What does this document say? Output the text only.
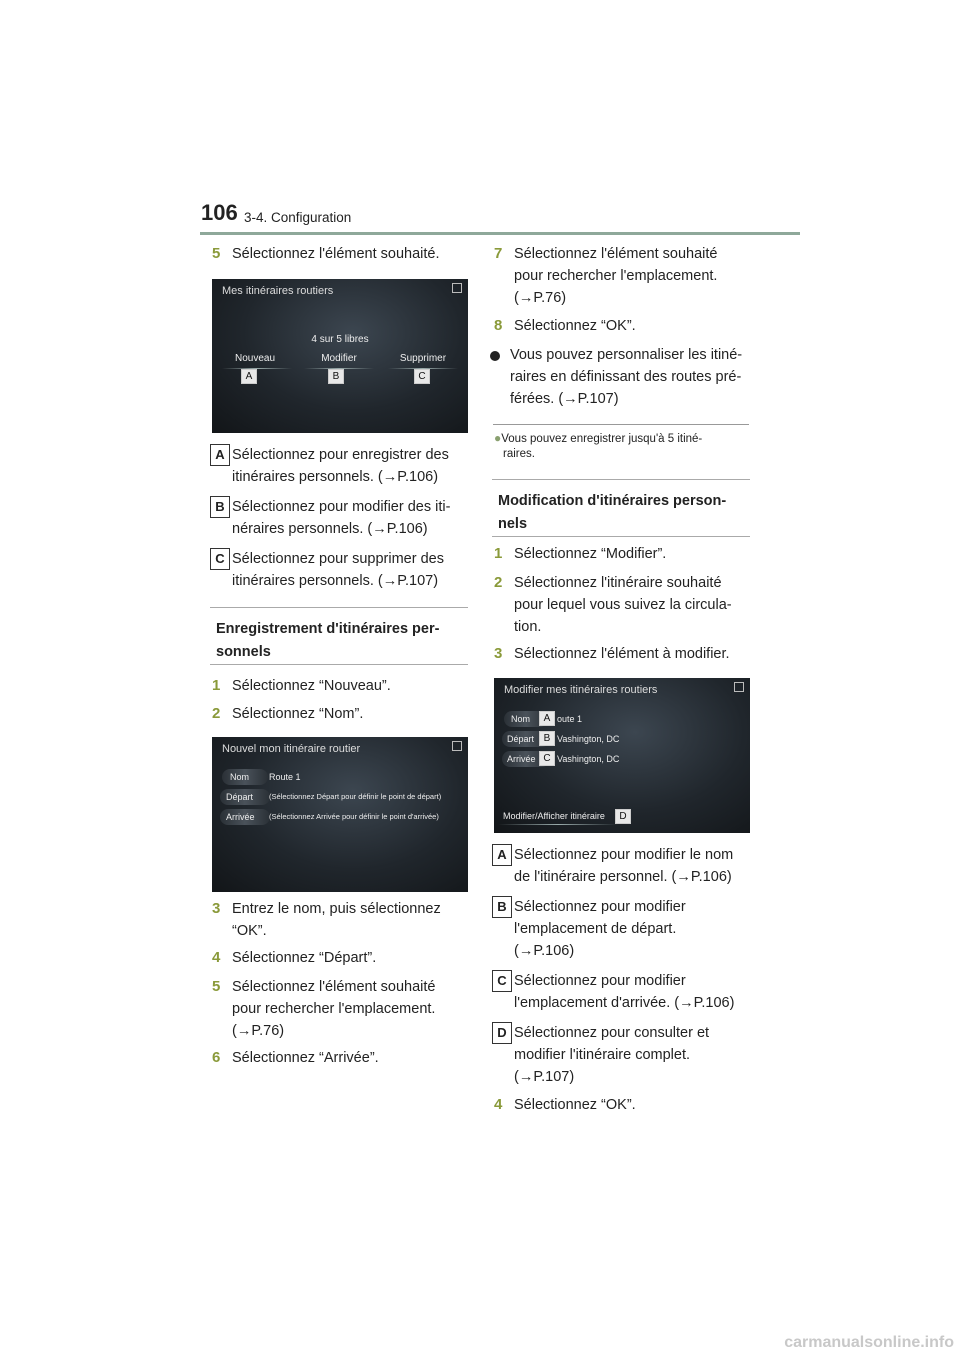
106 3-4. Configuration
5 Sélectionnez l'élément souhaité.
Mes itinéraires routiers
4 sur 5 libres
Nouveau	Modifier	Supprimer
A	B	C
A Sélectionnez pour enregistrer des
itinéraires personnels. (→P.106)
B Sélectionnez pour modifier des iti-
néraires personnels. (→P.106)
C Sélectionnez pour supprimer des
itinéraires personnels. (→P.107)
Enregistrement d'itinéraires per-
sonnels
1 Sélectionnez “Nouveau”.
2 Sélectionnez “Nom”.
Nouvel mon itinéraire routier
Nom Route 1
Départ (Sélectionnez Départ pour définir le point de départ)
Arrivée (Sélectionnez Arrivée pour définir le point d'arrivée)
3 Entrez le nom, puis sélectionnez
“OK”.
4 Sélectionnez “Départ”.
5 Sélectionnez l'élément souhaité
pour rechercher l'emplacement.
(→P.76)
6 Sélectionnez “Arrivée”.
7 Sélectionnez l'élément souhaité
pour rechercher l'emplacement.
(→P.76)
8 Sélectionnez “OK”.
Vous pouvez personnaliser les itiné-
raires en définissant des routes pré-
férées. (→P.107)
●Vous pouvez enregistrer jusqu'à 5 itiné-
raires.
Modification d'itinéraires person-
nels
1 Sélectionnez “Modifier”.
2 Sélectionnez l'itinéraire souhaité
pour lequel vous suivez la circula-
tion.
3 Sélectionnez l'élément à modifier.
Modifier mes itinéraires routiers
Nom	A oute 1
Départ B Vashington, DC
Arrivée C Vashington, DC
Modifier/Afficher itinéraire	D
A Sélectionnez pour modifier le nom
de l'itinéraire personnel. (→P.106)
B Sélectionnez pour modifier
l'emplacement de départ.
(→P.106)
C Sélectionnez pour modifier
l'emplacement d'arrivée. (→P.106)
D Sélectionnez pour consulter et
modifier l'itinéraire complet.
(→P.107)
4 Sélectionnez “OK”.
carmanualsonline.info
